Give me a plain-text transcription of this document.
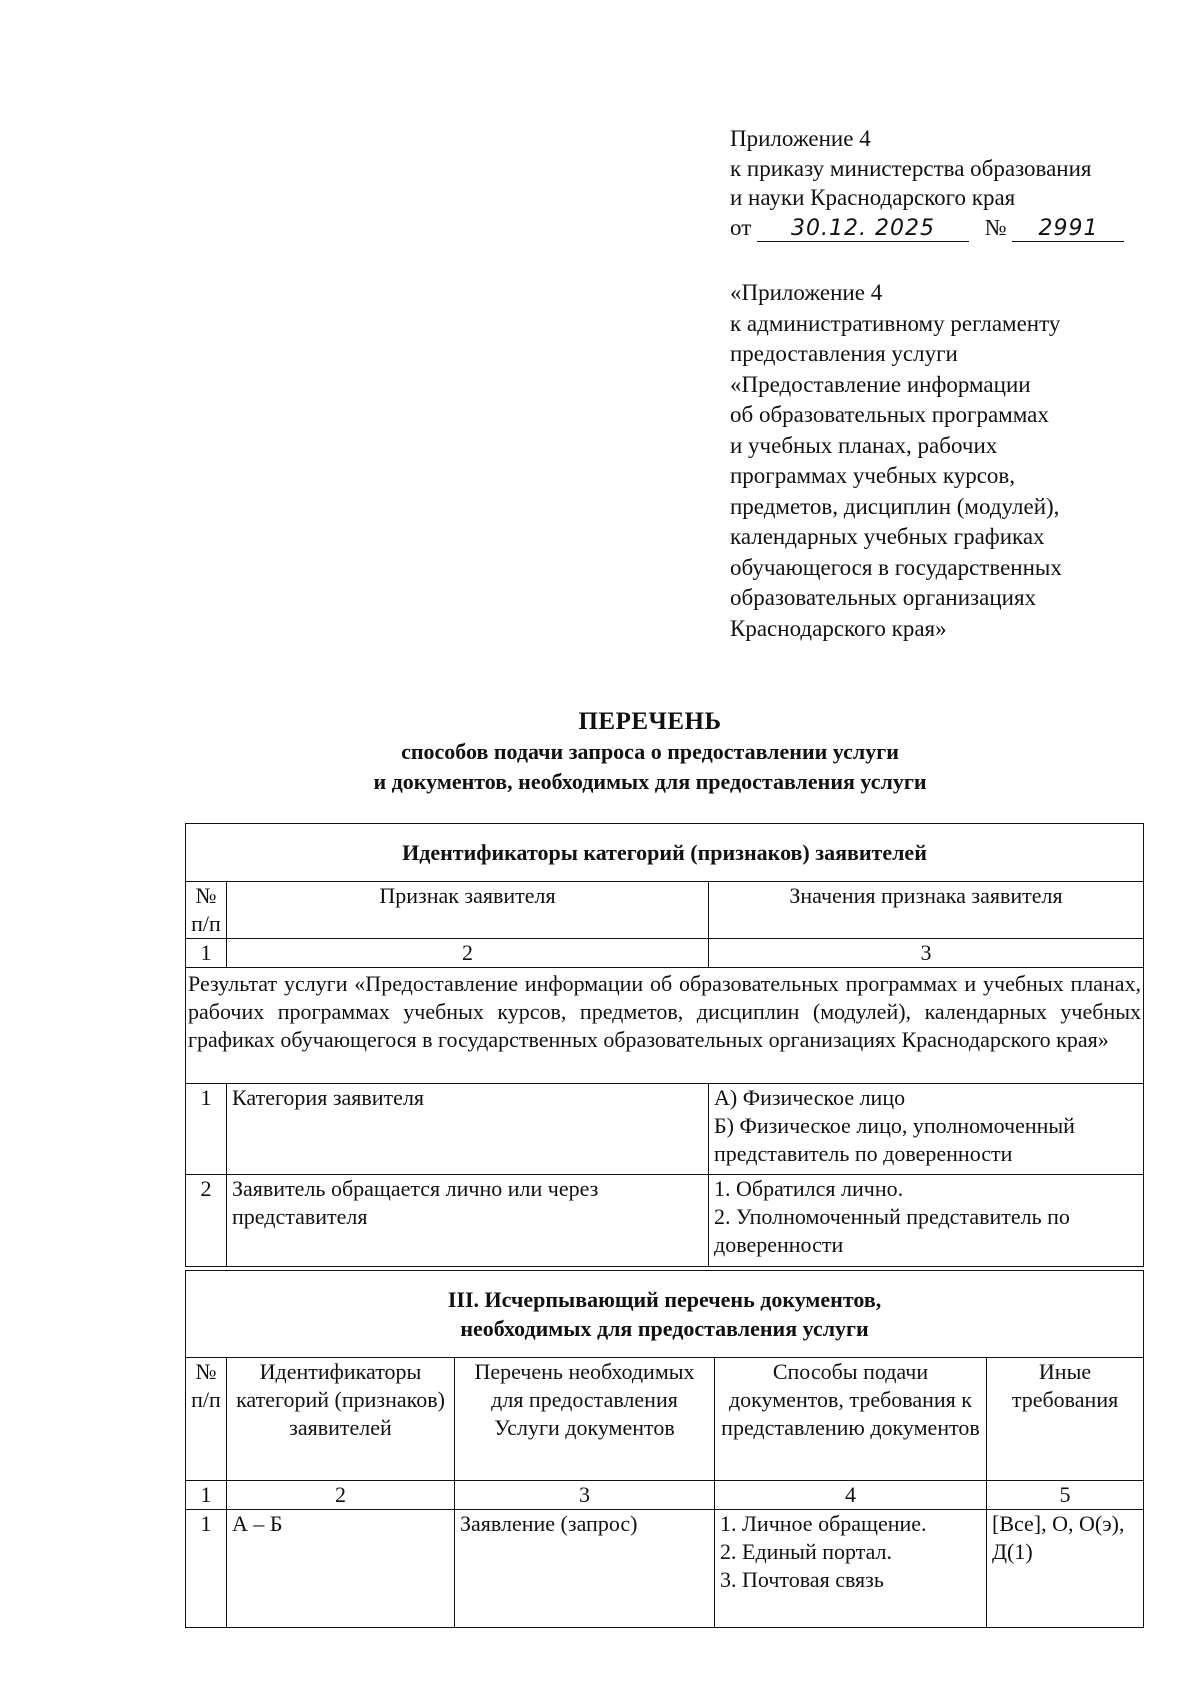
Приложение 4
к приказу министерства образования
и науки Краснодарского края
от 30.12. 2025 № 2991
«Приложение 4
к административному регламенту
предоставления услуги
«Предоставление информации
об образовательных программах
и учебных планах, рабочих
программах учебных курсов,
предметов, дисциплин (модулей),
календарных учебных графиках
обучающегося в государственных
образовательных организациях
Краснодарского края»
ПЕРЕЧЕНЬ
способов подачи запроса о предоставлении услуги
и документов, необходимых для предоставления услуги
Идентификаторы категорий (признаков) заявителей		
№ п/п	Признак заявителя	Значения признака заявителя
1	2	3
Результат услуги «Предоставление информации об образовательных программах и учебных планах, рабочих программах учебных курсов, предметов, дисциплин (модулей), календарных учебных графиках обучающегося в государственных образовательных организациях Краснодарского края»		
1	Категория заявителя	А) Физическое лицо
Б) Физическое лицо, уполномоченный представитель по доверенности

2	Заявитель обращается лично или через представителя	1. Обратился лично.
2. Уполномоченный представитель по доверенности
III. Исчерпывающий перечень документов,
необходимых для предоставления услуги				

№ п/п	Идентификаторы категорий (признаков) заявителей	Перечень необходимых для предоставления Услуги документов	Способы подачи документов, требования к представлению документов	Иные требования
1	2	3	4	5
1	А – Б	Заявление (запрос)	1. Личное обращение.
2. Единый портал.
3. Почтовая связь	[Все], О, О(э), Д(1)
